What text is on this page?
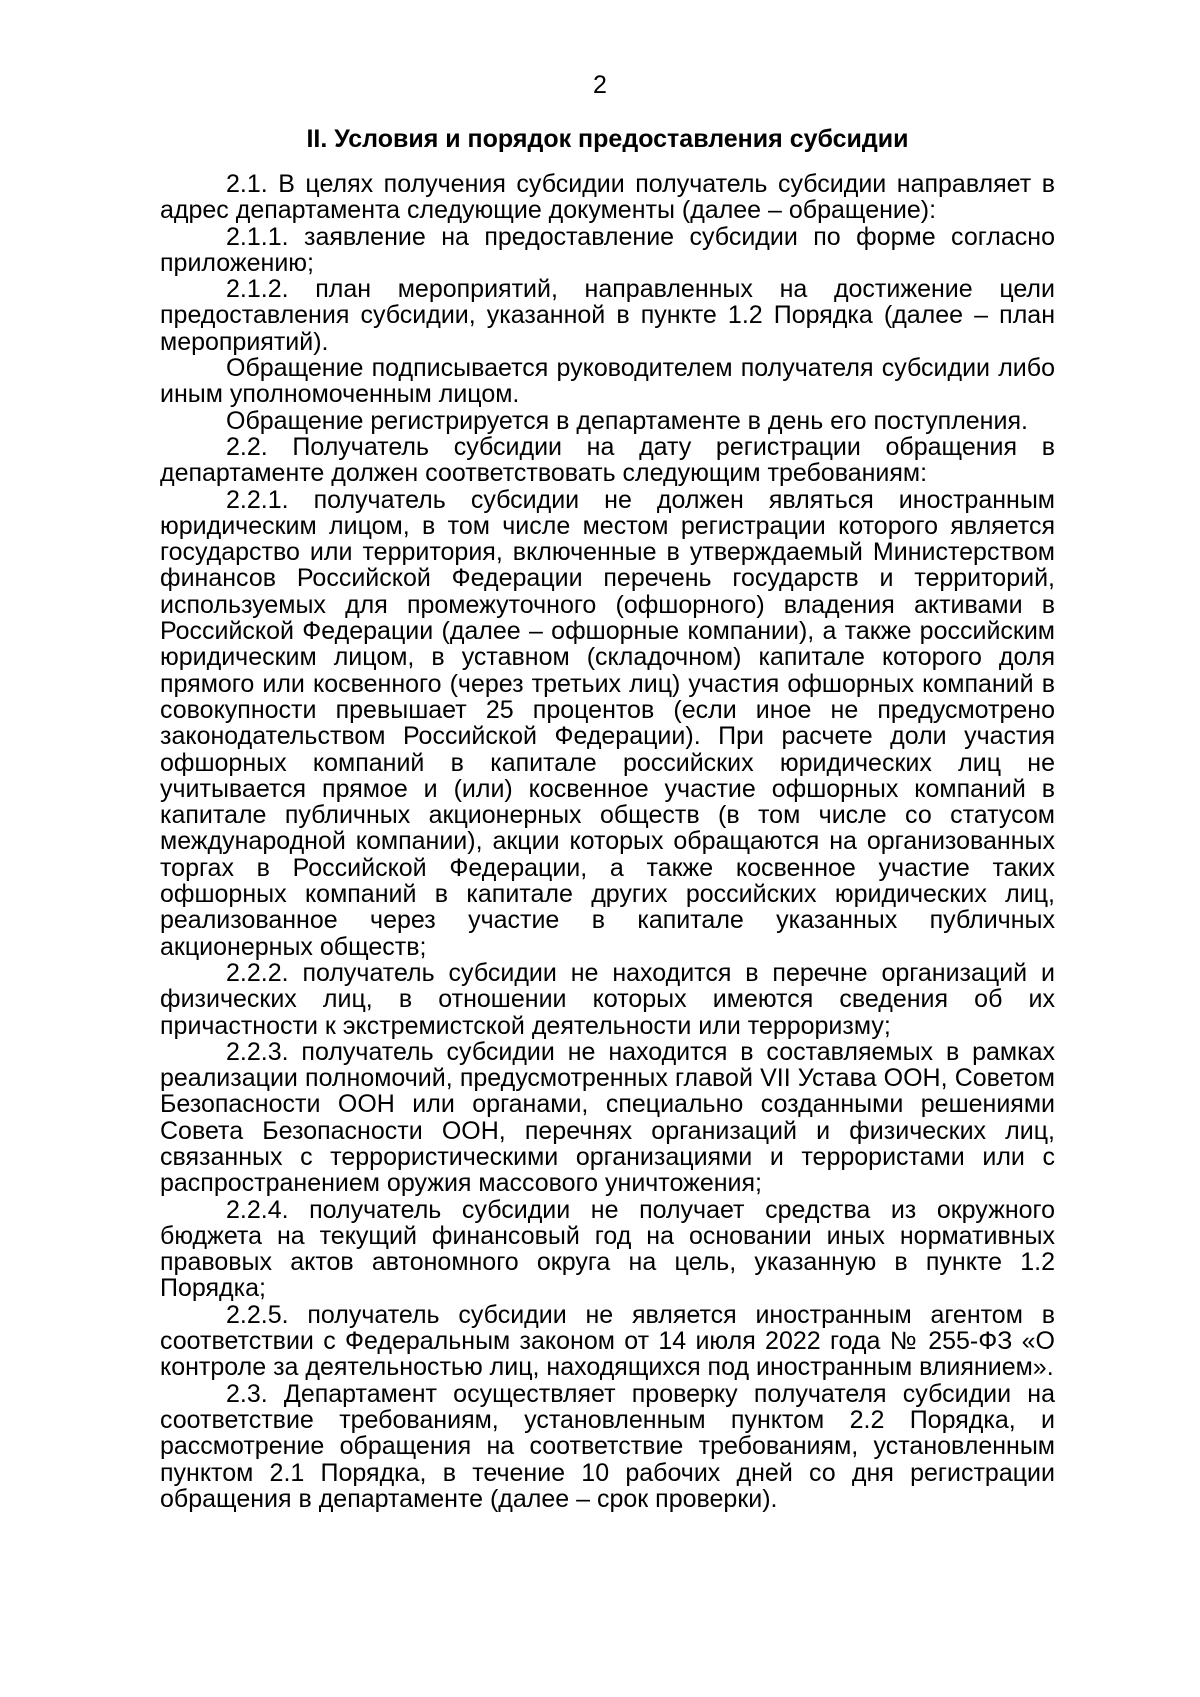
2
II. Условия и порядок предоставления субсидии

2.1. В целях получения субсидии получатель субсидии направляет в адрес департамента следующие документы (далее – обращение):

2.1.1. заявление на предоставление субсидии по форме согласно приложению;

2.1.2. план мероприятий, направленных на достижение цели предоставления субсидии, указанной в пункте 1.2 Порядка (далее – план мероприятий).

Обращение подписывается руководителем получателя субсидии либо иным уполномоченным лицом.

Обращение регистрируется в департаменте в день его поступления.

2.2. Получатель субсидии на дату регистрации обращения в департаменте должен соответствовать следующим требованиям:

2.2.1. получатель субсидии не должен являться иностранным юридическим лицом, в том числе местом регистрации которого является государство или территория, включенные в утверждаемый Министерством финансов Российской Федерации перечень государств и территорий, используемых для промежуточного (офшорного) владения активами в Российской Федерации (далее – офшорные компании), а также российским юридическим лицом, в уставном (складочном) капитале которого доля прямого или косвенного (через третьих лиц) участия офшорных компаний в совокупности превышает 25 процентов (если иное не предусмотрено законодательством Российской Федерации). При расчете доли участия офшорных компаний в капитале российских юридических лиц не учитывается прямое и (или) косвенное участие офшорных компаний в капитале публичных акционерных обществ (в том числе со статусом международной компании), акции которых обращаются на организованных торгах в Российской Федерации, а также косвенное участие таких офшорных компаний в капитале других российских юридических лиц, реализованное через участие в капитале указанных публичных акционерных обществ;

2.2.2. получатель субсидии не находится в перечне организаций и физических лиц, в отношении которых имеются сведения об их причастности к экстремистской деятельности или терроризму;

2.2.3. получатель субсидии не находится в составляемых в рамках реализации полномочий, предусмотренных главой VII Устава ООН, Советом Безопасности ООН или органами, специально созданными решениями Совета Безопасности ООН, перечнях организаций и физических лиц, связанных с террористическими организациями и террористами или с распространением оружия массового уничтожения;

2.2.4. получатель субсидии не получает средства из окружного бюджета на текущий финансовый год на основании иных нормативных правовых актов автономного округа на цель, указанную в пункте 1.2 Порядка;

2.2.5. получатель субсидии не является иностранным агентом в соответствии с Федеральным законом от 14 июля 2022 года № 255-ФЗ «О контроле за деятельностью лиц, находящихся под иностранным влиянием».

2.3. Департамент осуществляет проверку получателя субсидии на соответствие требованиям, установленным пунктом 2.2 Порядка, и рассмотрение обращения на соответствие требованиям, установленным пунктом 2.1 Порядка, в течение 10 рабочих дней со дня регистрации обращения в департаменте (далее – срок проверки).
